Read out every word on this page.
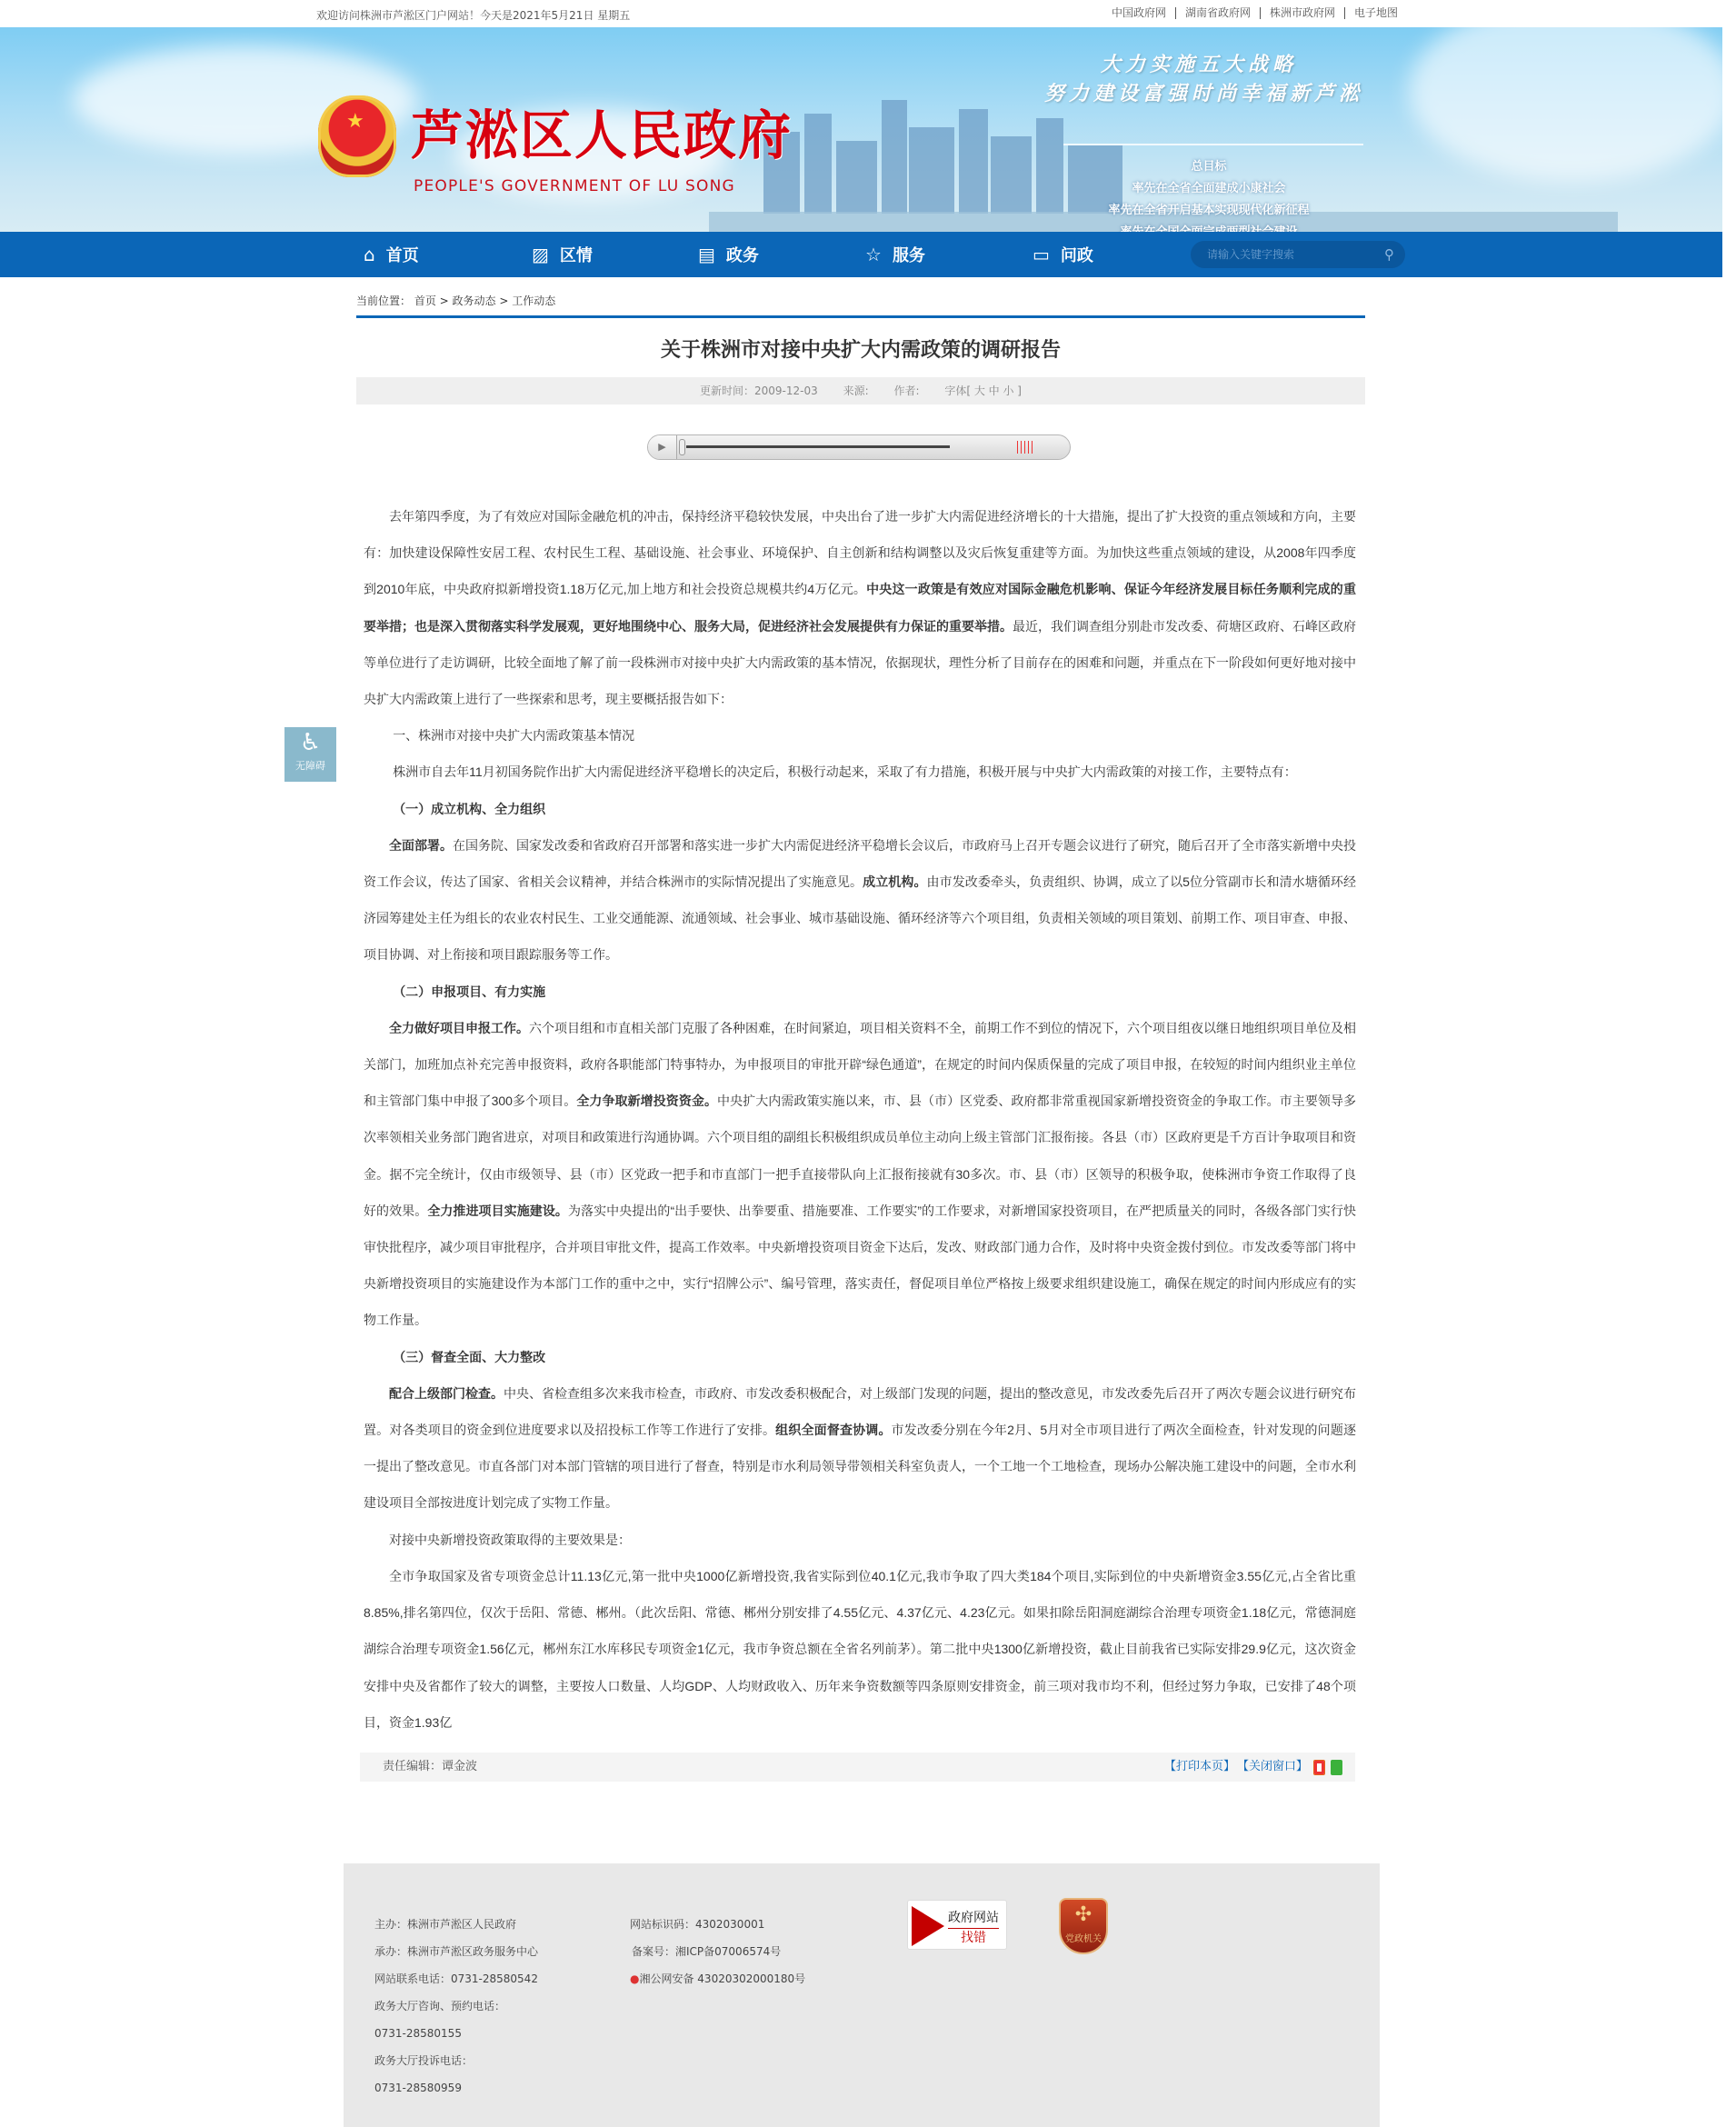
欢迎访问株洲市芦淞区门户网站！今天是2021年5月21日 星期五	中国政府网	湖南省政府网	株洲市政府网	电子地图
★ 芦淞区人民政府
PEOPLE'S GOVERNMENT OF LU SONG
大力实施五大战略
努力建设富强时尚幸福新芦淞
总目标
率先在全省全面建成小康社会
率先在全省开启基本实现现代化新征程
⌂ 首页	▨ 区情	▤ 政务	☆ 服务	▭ 问政
请输入关键字搜索	⚲
当前位置： 首页 > 政务动态 > 工作动态
关于株洲市对接中央扩大内需政策的调研报告
更新时间：2009-12-03 来源: 作者: 字体[ 大 中 小 ]
▶

去年第四季度，为了有效应对国际金融危机的冲击，保持经济平稳较快发展，中央出台了进一步扩大内需促进经济增长的十大措施，提出了扩大投资的重点领域和方向，主要有：加快建设保障性安居工程、农村民生工程、基础设施、社会事业、环境保护、自主创新和结构调整以及灾后恢复重建等方面。为加快这些重点领域的建设，从2008年四季度到2010年底，中央政府拟新增投资1.18万亿元,加上地方和社会投资总规模共约4万亿元。中央这一政策是有效应对国际金融危机影响、保证今年经济发展目标任务顺利完成的重要举措；也是深入贯彻落实科学发展观，更好地围绕中心、服务大局，促进经济社会发展提供有力保证的重要举措。最近，我们调查组分别赴市发改委、荷塘区政府、石峰区政府等单位进行了走访调研，比较全面地了解了前一段株洲市对接中央扩大内需政策的基本情况，依据现状，理性分析了目前存在的困难和问题，并重点在下一阶段如何更好地对接中央扩大内需政策上进行了一些探索和思考，现主要概括报告如下：

一、株洲市对接中央扩大内需政策基本情况

株洲市自去年11月初国务院作出扩大内需促进经济平稳增长的决定后，积极行动起来，采取了有力措施，积极开展与中央扩大内需政策的对接工作，主要特点有：

（一）成立机构、全力组织

全面部署。在国务院、国家发改委和省政府召开部署和落实进一步扩大内需促进经济平稳增长会议后，市政府马上召开专题会议进行了研究，随后召开了全市落实新增中央投资工作会议，传达了国家、省相关会议精神，并结合株洲市的实际情况提出了实施意见。成立机构。由市发改委牵头，负责组织、协调，成立了以5位分管副市长和清水塘循环经济园筹建处主任为组长的农业农村民生、工业交通能源、流通领域、社会事业、城市基础设施、循环经济等六个项目组，负责相关领域的项目策划、前期工作、项目审查、申报、项目协调、对上衔接和项目跟踪服务等工作。

（二）申报项目、有力实施

全力做好项目申报工作。六个项目组和市直相关部门克服了各种困难，在时间紧迫，项目相关资料不全，前期工作不到位的情况下，六个项目组夜以继日地组织项目单位及相关部门，加班加点补充完善申报资料，政府各职能部门特事特办，为申报项目的审批开辟“绿色通道”，在规定的时间内保质保量的完成了项目申报，在较短的时间内组织业主单位和主管部门集中申报了300多个项目。全力争取新增投资资金。中央扩大内需政策实施以来，市、县（市）区党委、政府都非常重视国家新增投资资金的争取工作。市主要领导多次率领相关业务部门跑省进京，对项目和政策进行沟通协调。六个项目组的副组长积极组织成员单位主动向上级主管部门汇报衔接。各县（市）区政府更是千方百计争取项目和资金。据不完全统计，仅由市级领导、县（市）区党政一把手和市直部门一把手直接带队向上汇报衔接就有30多次。市、县（市）区领导的积极争取，使株洲市争资工作取得了良好的效果。全力推进项目实施建设。为落实中央提出的“出手要快、出拳要重、措施要准、工作要实”的工作要求，对新增国家投资项目，在严把质量关的同时，各级各部门实行快审快批程序，减少项目审批程序，合并项目审批文件，提高工作效率。中央新增投资项目资金下达后，发改、财政部门通力合作，及时将中央资金拨付到位。市发改委等部门将中央新增投资项目的实施建设作为本部门工作的重中之中，实行“招牌公示”、编号管理，落实责任，督促项目单位严格按上级要求组织建设施工，确保在规定的时间内形成应有的实物工作量。

（三）督查全面、大力整改

配合上级部门检查。中央、省检查组多次来我市检查，市政府、市发改委积极配合，对上级部门发现的问题，提出的整改意见，市发改委先后召开了两次专题会议进行研究布置。对各类项目的资金到位进度要求以及招投标工作等工作进行了安排。组织全面督查协调。市发改委分别在今年2月、5月对全市项目进行了两次全面检查，针对发现的问题逐一提出了整改意见。市直各部门对本部门管辖的项目进行了督查，特别是市水利局领导带领相关科室负责人，一个工地一个工地检查，现场办公解决施工建设中的问题，全市水利建设项目全部按进度计划完成了实物工作量。

对接中央新增投资政策取得的主要效果是：

全市争取国家及省专项资金总计11.13亿元,第一批中央1000亿新增投资,我省实际到位40.1亿元,我市争取了四大类184个项目,实际到位的中央新增资金3.55亿元,占全省比重8.85%,排名第四位，仅次于岳阳、常德、郴州。（此次岳阳、常德、郴州分别安排了4.55亿元、4.37亿元、4.23亿元。如果扣除岳阳洞庭湖综合治理专项资金1.18亿元，常德洞庭湖综合治理专项资金1.56亿元，郴州东江水库移民专项资金1亿元，我市争资总额在全省名列前茅）。第二批中央1300亿新增投资，截止目前我省已实际安排29.9亿元，这次资金安排中央及省都作了较大的调整，主要按人口数量、人均GDP、人均财政收入、历年来争资数额等四条原则安排资金，前三项对我市均不利，但经过努力争取，已安排了48个项目，资金1.93亿

责任编辑：谭金波	【打印本页】 【关闭窗口】
♿
无障碍
主办：株洲市芦淞区人民政府
承办：株洲市芦淞区政务服务中心
网站联系电话：0731-28580542
政务大厅咨询、预约电话：
0731-28580155
政务大厅投诉电话：
0731-28580959
网站标识码：4302030001
备案号：湘ICP备07006574号
●湘公网安备 43020302000180号
政府网站
找错
✣
党政机关
